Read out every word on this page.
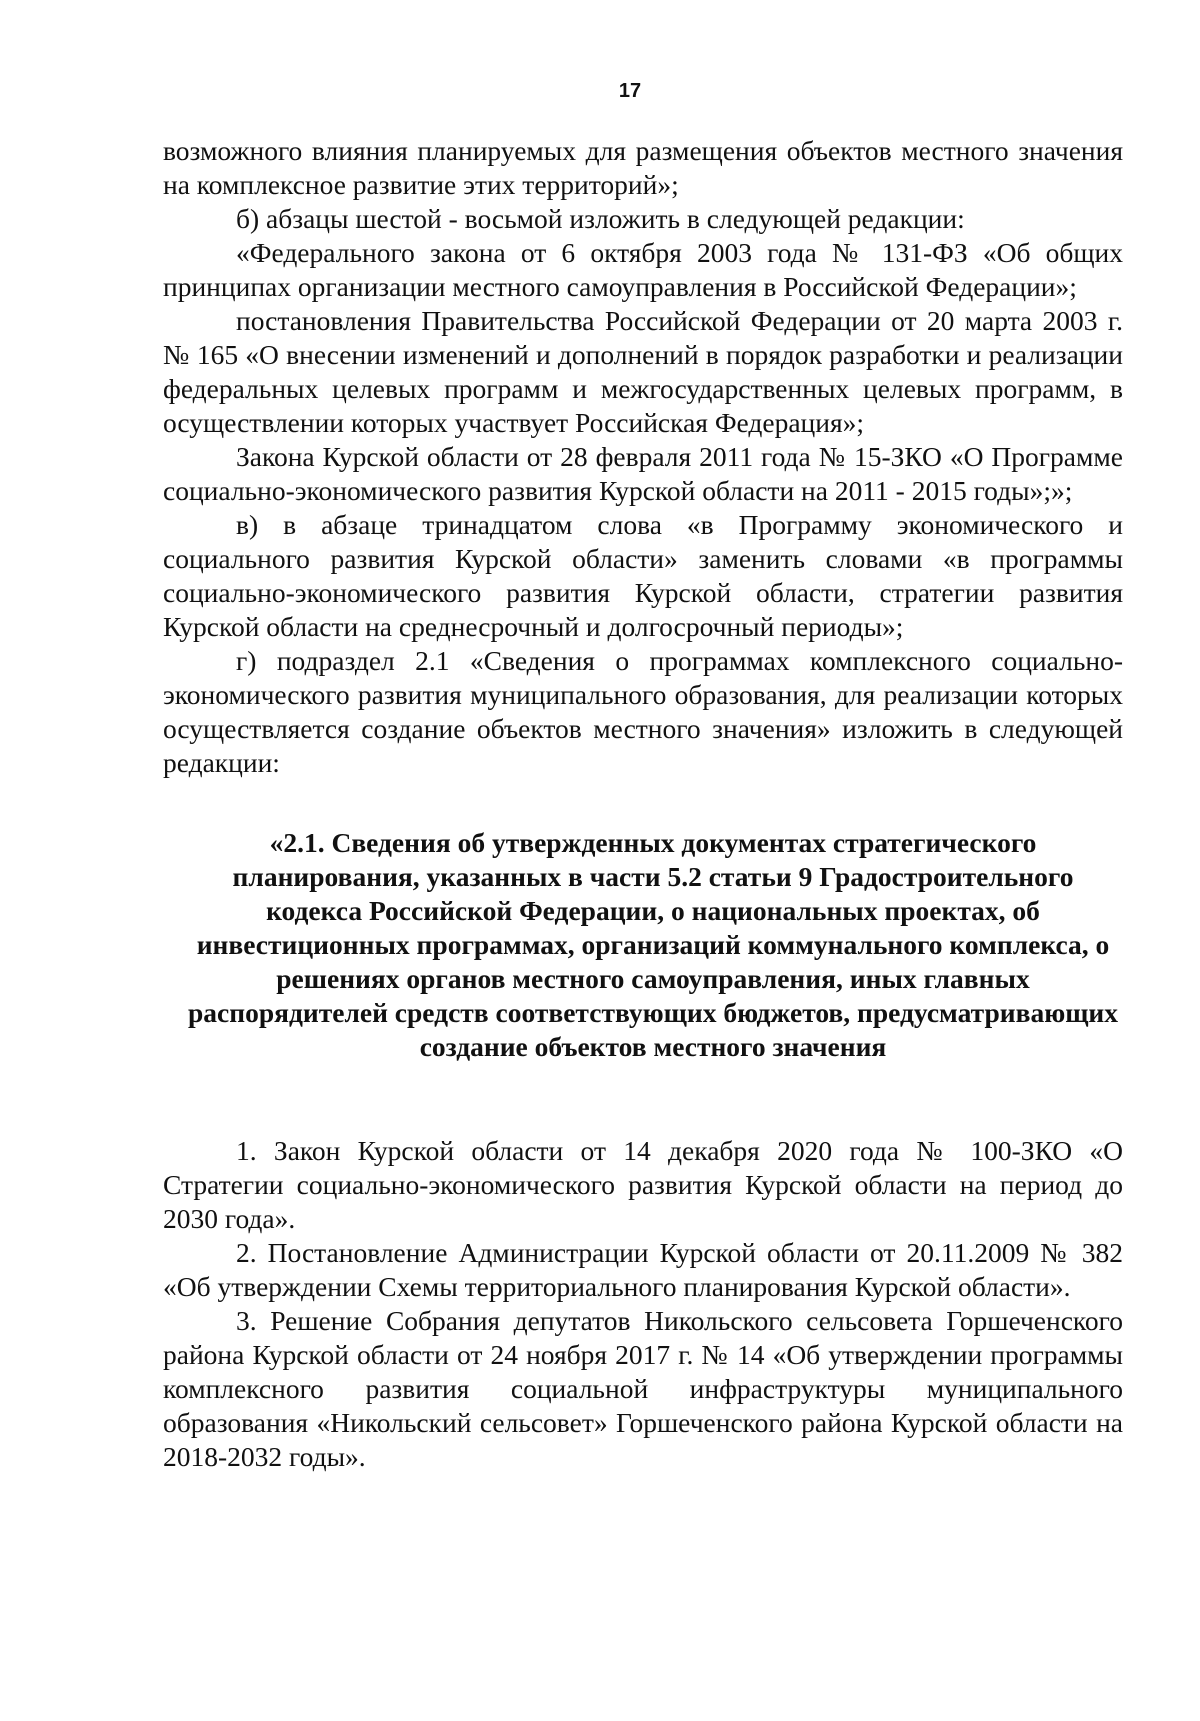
17

возможного влияния планируемых для размещения объектов местного значения на комплексное развитие этих территорий»;

б) абзацы шестой - восьмой изложить в следующей редакции:

«Федерального закона от 6 октября 2003 года № 131-ФЗ «Об общих принципах организации местного самоуправления в Российской Федерации»;

постановления Правительства Российской Федерации от 20 марта 2003 г. № 165 «О внесении изменений и дополнений в порядок разработки и реализации федеральных целевых программ и межгосударственных целевых программ, в осуществлении которых участвует Российская Федерация»;

Закона Курской области от 28 февраля 2011 года № 15-ЗКО «О Программе социально-экономического развития Курской области на 2011 - 2015 годы»;»;

в) в абзаце тринадцатом слова «в Программу экономического и социального развития Курской области» заменить словами «в программы социально-экономического развития Курской области, стратегии развития Курской области на среднесрочный и долгосрочный периоды»;

г) подраздел 2.1 «Сведения о программах комплексного социально-экономического развития муниципального образования, для реализации которых осуществляется создание объектов местного значения» изложить в следующей редакции:

«2.1. Сведения об утвержденных документах стратегического планирования, указанных в части 5.2 статьи 9 Градостроительного кодекса Российской Федерации, о национальных проектах, об инвестиционных программах, организаций коммунального комплекса, о решениях органов местного самоуправления, иных главных распорядителей средств соответствующих бюджетов, предусматривающих создание объектов местного значения

1. Закон Курской области от 14 декабря 2020 года № 100-ЗКО «О Стратегии социально-экономического развития Курской области на период до 2030 года».

2. Постановление Администрации Курской области от 20.11.2009 № 382 «Об утверждении Схемы территориального планирования Курской области».

3. Решение Собрания депутатов Никольского сельсовета Горшеченского района Курской области от 24 ноября 2017 г. № 14 «Об утверждении программы комплексного развития социальной инфраструктуры муниципального образования «Никольский сельсовет» Горшеченского района Курской области на 2018-2032 годы».
